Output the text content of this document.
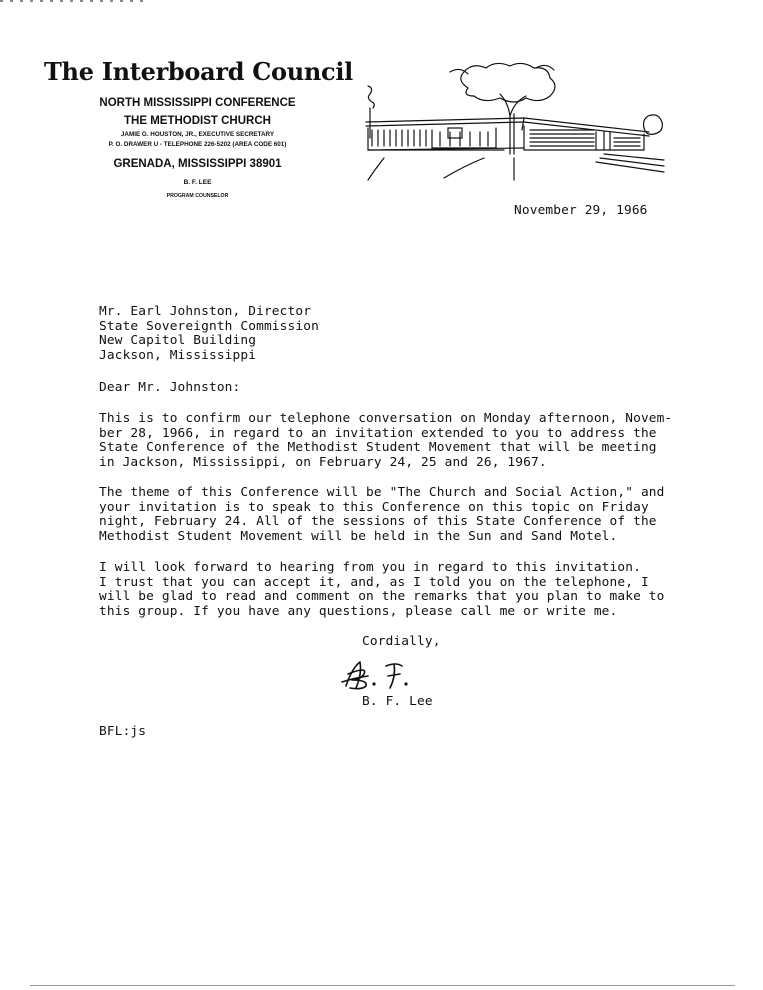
The Interboard Council
NORTH MISSISSIPPI CONFERENCE
THE METHODIST CHURCH
JAMIE G. HOUSTON, JR., EXECUTIVE SECRETARY
P. O. DRAWER U - TELEPHONE 226-5202 (AREA CODE 601)
GRENADA, MISSISSIPPI 38901
B. F. LEE
PROGRAM COUNSELOR
November 29, 1966
Mr. Earl Johnston, Director
State Sovereignth Commission
New Capitol Building
Jackson, Mississippi
Dear Mr. Johnston:
This is to confirm our telephone conversation on Monday afternoon, Novem-
ber 28, 1966, in regard to an invitation extended to you to address the
State Conference of the Methodist Student Movement that will be meeting
in Jackson, Mississippi, on February 24, 25 and 26, 1967.
The theme of this Conference will be "The Church and Social Action," and
your invitation is to speak to this Conference on this topic on Friday
night, February 24. All of the sessions of this State Conference of the
Methodist Student Movement will be held in the Sun and Sand Motel.
I will look forward to hearing from you in regard to this invitation.
I trust that you can accept it, and, as I told you on the telephone, I
will be glad to read and comment on the remarks that you plan to make to
this group. If you have any questions, please call me or write me.
Cordially,
B. F. Lee
BFL:js
